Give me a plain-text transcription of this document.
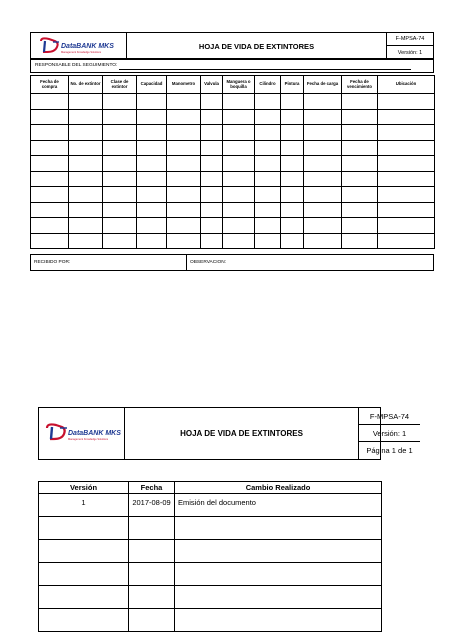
DataBANK MKS
Management Knowledge Solutions
HOJA DE VIDA DE EXTINTORES
F-MPSA-74
Versión: 1
RESPONSABLE DEL SEGUIMIENTO:
Fecha de compra	No. de extintor	Clase de extintor	Capacidad	Manometro	Valvula	Manguera o boquilla	Cilindro	Pintura	Fecha de carga	Fecha de vencimiento	Ubicación

RECIBIDO POR:	OBSERVACION:
DataBANK MKS
Management Knowledge Solutions
HOJA DE VIDA DE EXTINTORES
F-MPSA-74
Versión: 1
Página 1 de 1
Versión	Fecha	Cambio Realizado
1	2017-08-09	Emisión del documento
